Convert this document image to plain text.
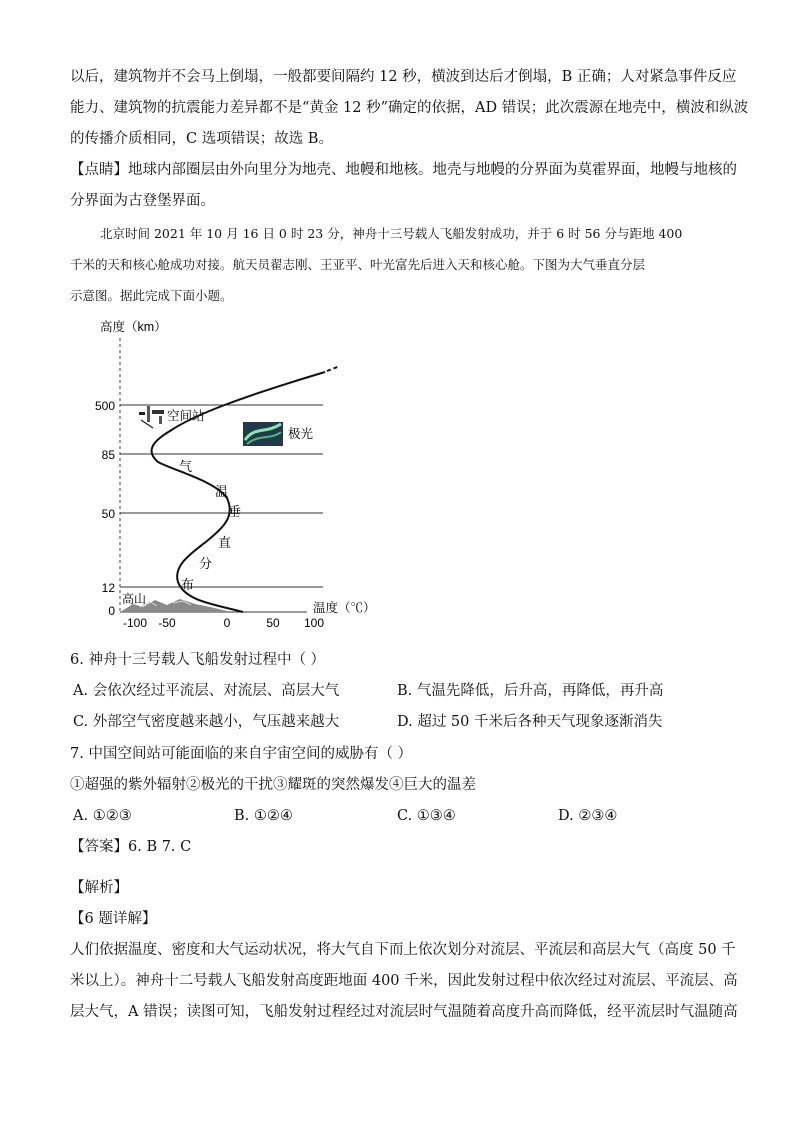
以后，建筑物并不会马上倒塌，一般都要间隔约 12 秒，横波到达后才倒塌，B 正确；人对紧急事件反应
能力、建筑物的抗震能力差异都不是“黄金 12 秒”确定的依据，AD 错误；此次震源在地壳中，横波和纵波
的传播介质相同，C 选项错误；故选 B。
【点睛】地球内部圈层由外向里分为地壳、地幔和地核。地壳与地幔的分界面为莫霍界面，地幔与地核的
分界面为古登堡界面。
北京时间 2021 年 10 月 16 日 0 时 23 分，神舟十三号载人飞船发射成功，并于 6 时 56 分与距地 400
千米的天和核心舱成功对接。航天员翟志刚、王亚平、叶光富先后进入天和核心舱。下图为大气垂直分层
示意图。据此完成下面小题。
500
85
50
12
0
高度（km）
温度（℃）
-100 -50	0	50 100
高山
气
温
垂
直
分
布
空间站
极光
6. 神舟十三号载人飞船发射过程中（ ）
A. 会依次经过平流层、对流层、高层大气	B. 气温先降低，后升高，再降低，再升高
C. 外部空气密度越来越小，气压越来越大	D. 超过 50 千米后各种天气现象逐渐消失
7. 中国空间站可能面临的来自宇宙空间的威胁有（ ）
①超强的紫外辐射②极光的干扰③耀斑的突然爆发④巨大的温差
A. ①②③	B. ①②④	C. ①③④	D. ②③④
【答案】6. B 7. C
【解析】
【6 题详解】
人们依据温度、密度和大气运动状况，将大气自下而上依次划分对流层、平流层和高层大气（高度 50 千
米以上）。神舟十二号载人飞船发射高度距地面 400 千米，因此发射过程中依次经过对流层、平流层、高
层大气，A 错误；读图可知，飞船发射过程经过对流层时气温随着高度升高而降低，经平流层时气温随高
